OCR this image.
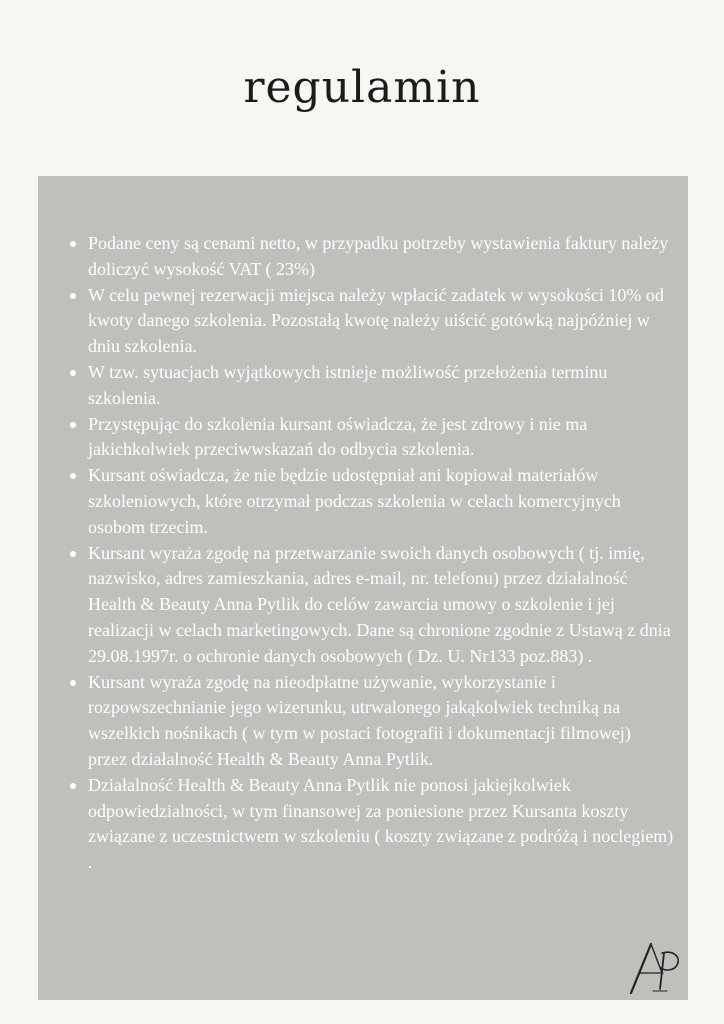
regulamin
Podane ceny są cenami netto, w przypadku potrzeby wystawienia faktury należy doliczyć wysokość VAT ( 23%)
W celu pewnej rezerwacji miejsca należy wpłacić zadatek w wysokości 10% od kwoty danego szkolenia. Pozostałą kwotę należy uiścić gotówką najpóźniej w dniu szkolenia.
W tzw. sytuacjach wyjątkowych istnieje możliwość przełożenia terminu szkolenia.
Przystępując do szkolenia kursant oświadcza, że jest zdrowy i nie ma jakichkolwiek przeciwwskazań do odbycia szkolenia.
Kursant oświadcza, że nie będzie udostępniał ani kopiował materiałów szkoleniowych, które otrzymał podczas szkolenia w celach komercyjnych osobom trzecim.
Kursant wyraża zgodę na przetwarzanie swoich danych osobowych ( tj. imię, nazwisko, adres zamieszkania, adres e-mail, nr. telefonu) przez działalność Health & Beauty Anna Pytlik do celów zawarcia umowy o szkolenie i jej realizacji w celach marketingowych. Dane są chronione zgodnie z Ustawą z dnia 29.08.1997r. o ochronie danych osobowych ( Dz. U. Nr133 poz.883) .
Kursant wyraża zgodę na nieodpłatne używanie, wykorzystanie i rozpowszechnianie jego wizerunku, utrwalonego jakąkolwiek techniką na wszelkich nośnikach ( w tym w postaci fotografii i dokumentacji filmowej) przez działalność Health & Beauty Anna Pytlik.
Działalność Health & Beauty Anna Pytlik nie ponosi jakiejkolwiek odpowiedzialności, w tym finansowej za poniesione przez Kursanta koszty związane z uczestnictwem w szkoleniu ( koszty związane z podróżą i noclegiem) .
